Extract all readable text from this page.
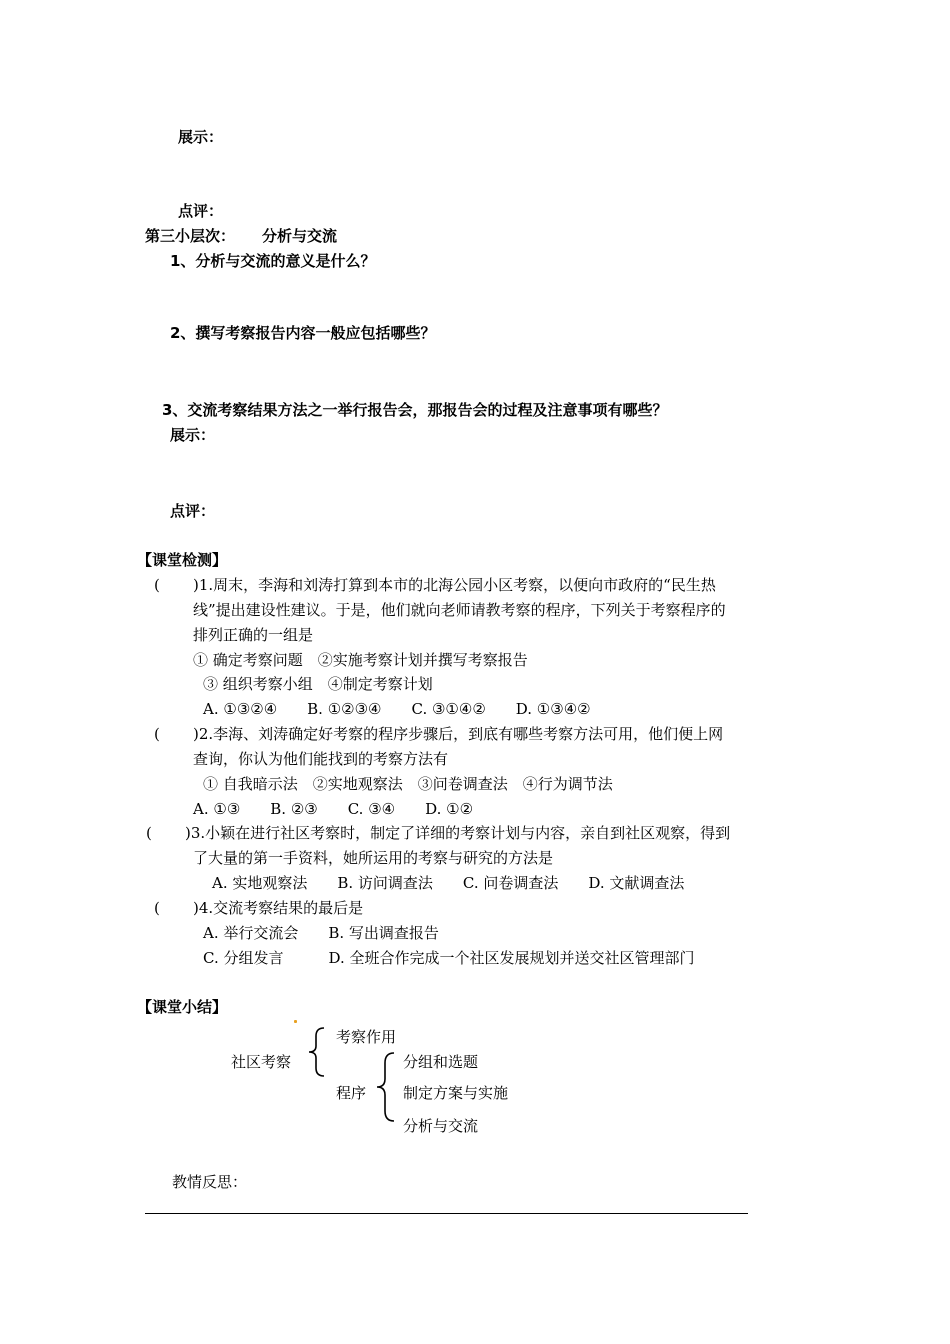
展示：
点评：
第三小层次： 分析与交流
1、分析与交流的意义是什么？
2、撰写考察报告内容一般应包括哪些？
3、交流考察结果方法之一举行报告会，那报告会的过程及注意事项有哪些？
展示：
点评：
【课堂检测】
( )1.周末，李海和刘涛打算到本市的北海公园小区考察，以便向市政府的“民生热
线”提出建设性建议。于是，他们就向老师请教考察的程序，下列关于考察程序的
排列正确的一组是
① 确定考察问题　②实施考察计划并撰写考察报告
③ 组织考察小组　④制定考察计划
A. ①③②④　　B. ①②③④　　C. ③①④②　　D. ①③④②
( )2.李海、刘涛确定好考察的程序步骤后，到底有哪些考察方法可用，他们便上网
查询，你认为他们能找到的考察方法有
① 自我暗示法　②实地观察法　③问卷调查法　④行为调节法
A. ①③　　B. ②③　　C. ③④　　D. ①②
( )3.小颖在进行社区考察时，制定了详细的考察计划与内容，亲自到社区观察，得到
了大量的第一手资料，她所运用的考察与研究的方法是
A. 实地观察法　　B. 访问调查法　　C. 问卷调查法　　D. 文献调查法
( )4.交流考察结果的最后是
A. 举行交流会　　B. 写出调查报告
C. 分组发言　　　D. 全班合作完成一个社区发展规划并送交社区管理部门
【课堂小结】
社区考察
考察作用
程序
分组和选题
制定方案与实施
分析与交流
教情反思：
